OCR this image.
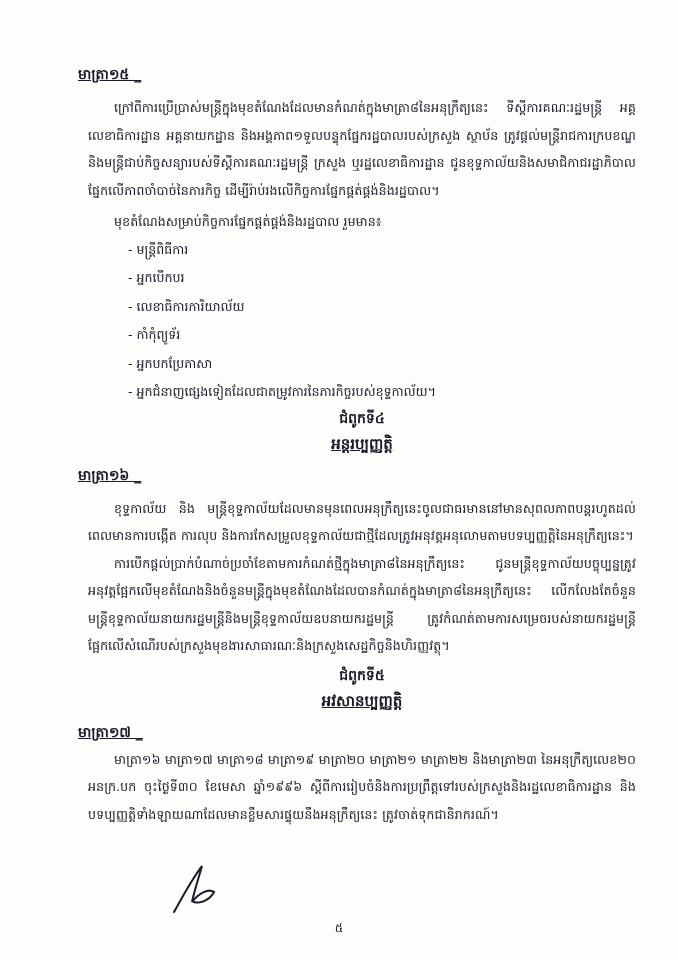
មាត្រា១៥ _

ក្រៅពីការប្រើប្រាស់មន្ត្រីក្នុងមុខតំណែងដែលមានកំណត់ក្នុងមាត្រា៨នៃអនុក្រឹត្យនេះ ទីស្តីការគណៈរដ្ឋមន្ត្រី អគ្គលេខាធិការដ្ឋាន អគ្គនាយកដ្ឋាន និងអង្គភាព១ទួលបន្ទុកផ្នែករដ្ឋបាលរបស់ក្រសួង ស្ថាប័ន ត្រូវផ្តល់មន្ត្រីរាជការក្របខណ្ឌនិងមន្ត្រីជាប់កិច្ចសន្យារបស់ទីស្តីការគណៈរដ្ឋមន្ត្រី ក្រសួង ឬរដ្ឋលេខាធិការដ្ឋាន ជូនខុទ្ទកាល័យនិងសមាជិកាជរដ្ឋាភិបាលផ្នែកលើភាពចាំបាច់នៃភារកិច្ច ដើម្បីរ៉ាប់រងលើកិច្ចការផ្នែកផ្គត់ផ្គង់និងរដ្ឋបាល។

មុខតំណែងសម្រាប់កិច្ចការផ្នែកផ្គត់ផ្គង់និងរដ្ឋបាល រួមមាន៖

- មន្ត្រីពិធីការ
- អ្នកបើកបរ
- លេខាធិការការិយាល័យ
- កាំកុំព្យូទ័រ
- អ្នកបកប្រែភាសា
- អ្នកជំនាញផ្សេងទៀតដែលជាតម្រូវការនៃភារកិច្ចរបស់ខុទ្ទកាល័យ។
ជំពូកទី៤
អន្តរប្បញ្ញត្តិ
មាត្រា១៦ _

ខុទ្ទកាល័យ និង មន្ត្រីខុទ្ទកាល័យដែលមានមុនពេលអនុក្រឹត្យនេះចូលជាធរមាននៅមានសុពលភាពបន្តរហូតដល់ពេលមានការបង្កើត ការលុប និងការកែសម្រួលខុទ្ទកាល័យជាថ្មីដែលត្រូវអនុវត្តអនុលោមតាមបទប្បញ្ញត្តិនៃអនុក្រឹត្យនេះ។

ការបើកផ្តល់ប្រាក់បំណាច់ប្រចាំខែតាមការកំណត់ថ្មីក្នុងមាត្រា៨នៃអនុក្រឹត្យនេះ ជូនមន្ត្រីខុទ្ទកាល័យបច្ចុប្បន្នត្រូវអនុវត្តផ្អែកលើមុខតំណែងនិងចំនួនមន្ត្រីក្នុងមុខតំណែងដែលបានកំណត់ក្នុងមាត្រា៨នៃអនុក្រឹត្យនេះ លើកលែងតែចំនួនមន្ត្រីខុទ្ទកាល័យនាយករដ្ឋមន្ត្រីនិងមន្ត្រីខុទ្ទកាល័យឧបនាយករដ្ឋមន្ត្រី ត្រូវកំណត់តាមការសម្រេចរបស់នាយករដ្ឋមន្ត្រីផ្អែកលើសំណើរបស់ក្រសួងមុខងារសាធារណៈនិងក្រសួងសេដ្ឋកិច្ចនិងហិរញ្ញវត្ថុ។

ជំពូកទី៥
អវសានប្បញ្ញត្តិ
មាត្រា១៧ _

មាត្រា១៦ មាត្រា១៧ មាត្រា១៨ មាត្រា១៩ មាត្រា២០ មាត្រា២១ មាត្រា២២ និងមាត្រា២៣ នៃអនុក្រឹត្យលេខ២០ អនក្រ.បក ចុះថ្ងៃទី៣០ ខែមេសា ឆ្នាំ១៩៩៦ ស្តីពីការរៀបចំនិងការប្រព្រឹត្តទៅរបស់ក្រសួងនិងរដ្ឋលេខាធិការដ្ឋាន និង បទប្បញ្ញត្តិទាំងឡាយណាដែលមានខ្លឹមសារផ្ទុយនឹងអនុក្រឹត្យនេះ ត្រូវចាត់ទុកជានិរាករណ៍។

៥
